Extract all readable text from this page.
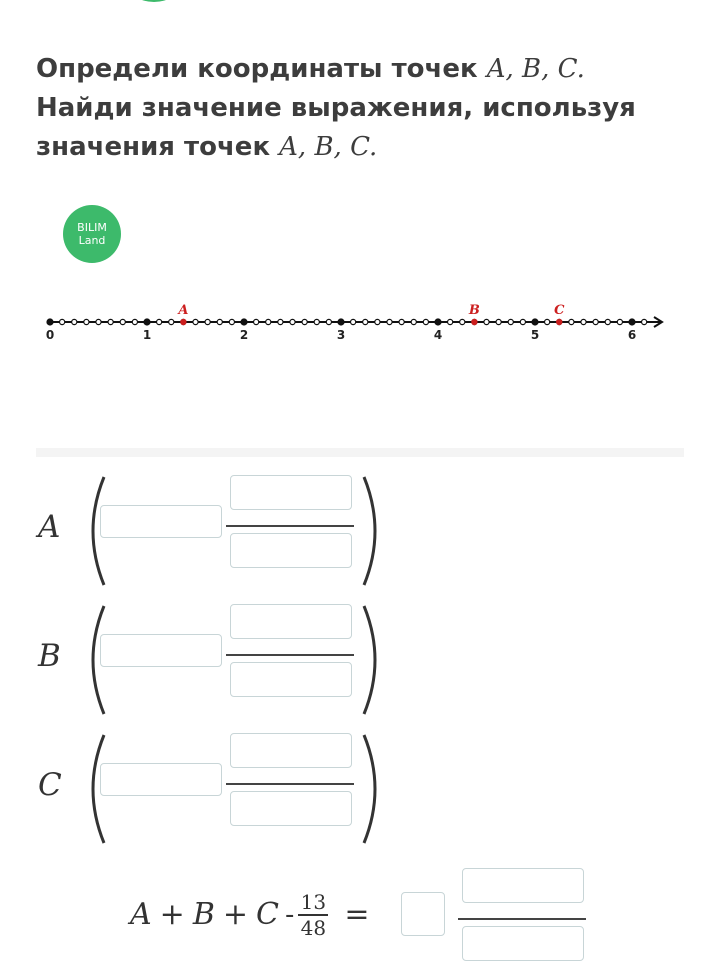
Определи координаты точек A, B, C.
Найди значение выражения, используя
значения точек A, B, C.
BILIM
Land
0	1	2	3	4	5	6
A	B	C
A
B
C
$A + B + C - \frac{13}{48}$ =
